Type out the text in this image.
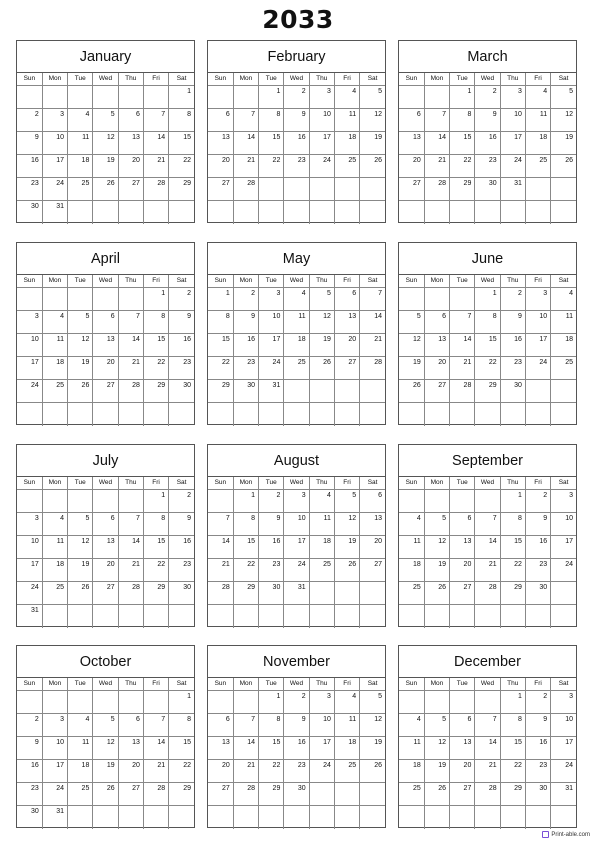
2033
January
Sun	Mon	Tue	Wed	Thu	Fri	Sat
						1
2	3	4	5	6	7	8
9	10	11	12	13	14	15
16	17	18	19	20	21	22
23	24	25	26	27	28	29
30	31					
February
Sun	Mon	Tue	Wed	Thu	Fri	Sat
		1	2	3	4	5
6	7	8	9	10	11	12
13	14	15	16	17	18	19
20	21	22	23	24	25	26
27	28					

March
Sun	Mon	Tue	Wed	Thu	Fri	Sat
		1	2	3	4	5
6	7	8	9	10	11	12
13	14	15	16	17	18	19
20	21	22	23	24	25	26
27	28	29	30	31		

April
Sun	Mon	Tue	Wed	Thu	Fri	Sat
					1	2
3	4	5	6	7	8	9
10	11	12	13	14	15	16
17	18	19	20	21	22	23
24	25	26	27	28	29	30

May
Sun	Mon	Tue	Wed	Thu	Fri	Sat
1	2	3	4	5	6	7
8	9	10	11	12	13	14
15	16	17	18	19	20	21
22	23	24	25	26	27	28
29	30	31				

June
Sun	Mon	Tue	Wed	Thu	Fri	Sat
			1	2	3	4
5	6	7	8	9	10	11
12	13	14	15	16	17	18
19	20	21	22	23	24	25
26	27	28	29	30		

July
Sun	Mon	Tue	Wed	Thu	Fri	Sat
					1	2
3	4	5	6	7	8	9
10	11	12	13	14	15	16
17	18	19	20	21	22	23
24	25	26	27	28	29	30
31						
August
Sun	Mon	Tue	Wed	Thu	Fri	Sat
	1	2	3	4	5	6
7	8	9	10	11	12	13
14	15	16	17	18	19	20
21	22	23	24	25	26	27
28	29	30	31			

September
Sun	Mon	Tue	Wed	Thu	Fri	Sat
				1	2	3
4	5	6	7	8	9	10
11	12	13	14	15	16	17
18	19	20	21	22	23	24
25	26	27	28	29	30	

October
Sun	Mon	Tue	Wed	Thu	Fri	Sat
						1
2	3	4	5	6	7	8
9	10	11	12	13	14	15
16	17	18	19	20	21	22
23	24	25	26	27	28	29
30	31					
November
Sun	Mon	Tue	Wed	Thu	Fri	Sat
		1	2	3	4	5
6	7	8	9	10	11	12
13	14	15	16	17	18	19
20	21	22	23	24	25	26
27	28	29	30			

December
Sun	Mon	Tue	Wed	Thu	Fri	Sat
				1	2	3
4	5	6	7	8	9	10
11	12	13	14	15	16	17
18	19	20	21	22	23	24
25	26	27	28	29	30	31

Print-able.com
